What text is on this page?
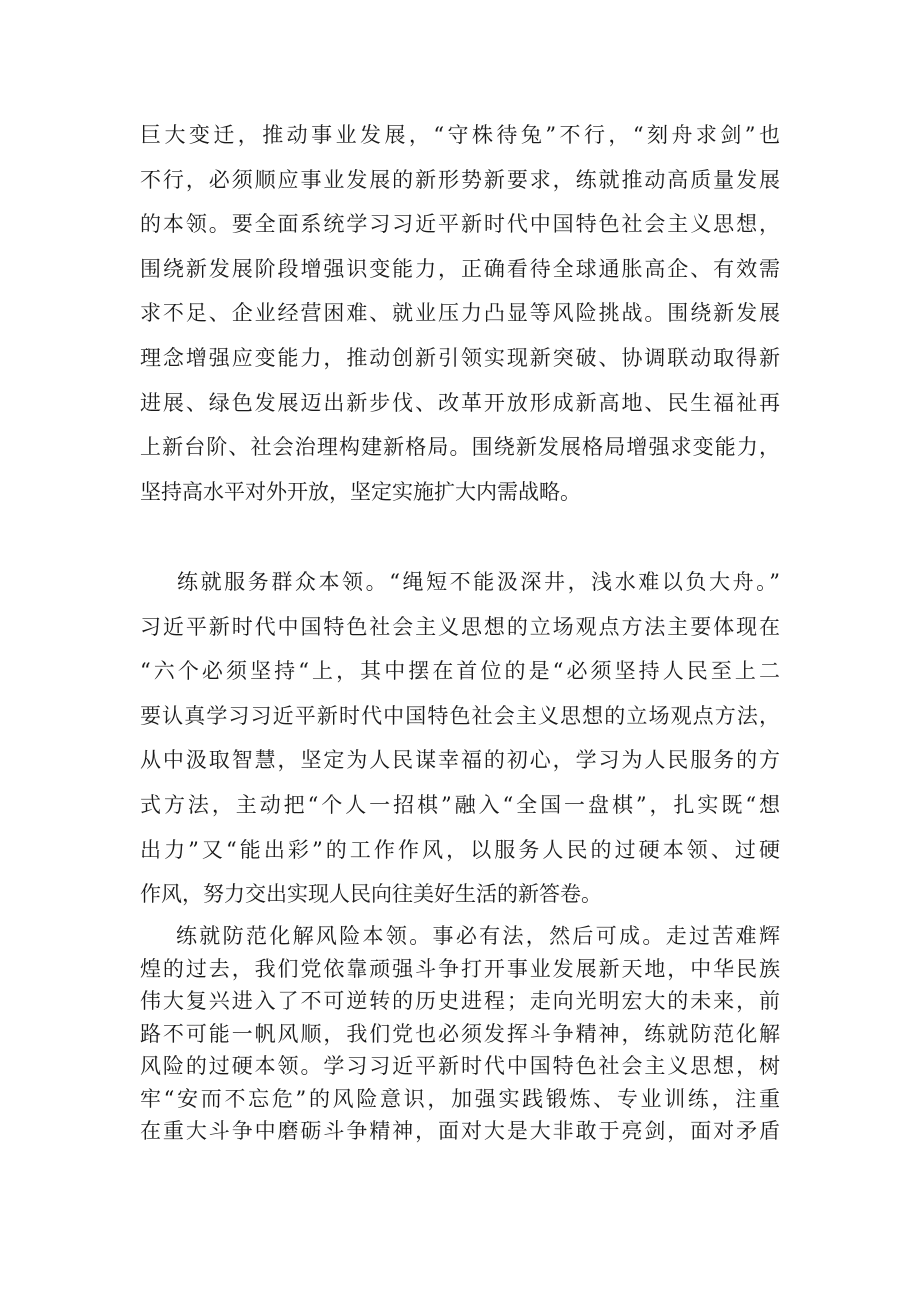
巨大变迁，推动事业发展，“守株待兔”不行，“刻舟求剑”也
不行，必须顺应事业发展的新形势新要求，练就推动高质量发展
的本领。要全面系统学习习近平新时代中国特色社会主义思想，
围绕新发展阶段增强识变能力，正确看待全球通胀高企、有效需
求不足、企业经营困难、就业压力凸显等风险挑战。围绕新发展
理念增强应变能力，推动创新引领实现新突破、协调联动取得新
进展、绿色发展迈出新步伐、改革开放形成新高地、民生福祉再
上新台阶、社会治理构建新格局。围绕新发展格局增强求变能力，
坚持高水平对外开放，坚定实施扩大内需战略。
练就服务群众本领。“绳短不能汲深井，浅水难以负大舟。”
习近平新时代中国特色社会主义思想的立场观点方法主要体现在
“六个必须坚持“上，其中摆在首位的是“必须坚持人民至上二
要认真学习习近平新时代中国特色社会主义思想的立场观点方法，
从中汲取智慧，坚定为人民谋幸福的初心，学习为人民服务的方
式方法，主动把“个人一招棋”融入“全国一盘棋”，扎实既“想
出力”又“能出彩”的工作作风，以服务人民的过硬本领、过硬
作风，努力交出实现人民向往美好生活的新答卷。
练就防范化解风险本领。事必有法，然后可成。走过苦难辉
煌的过去，我们党依靠顽强斗争打开事业发展新天地，中华民族
伟大复兴进入了不可逆转的历史进程；走向光明宏大的未来，前
路不可能一帆风顺，我们党也必须发挥斗争精神，练就防范化解
风险的过硬本领。学习习近平新时代中国特色社会主义思想，树
牢“安而不忘危”的风险意识，加强实践锻炼、专业训练，注重
在重大斗争中磨砺斗争精神，面对大是大非敢于亮剑，面对矛盾
